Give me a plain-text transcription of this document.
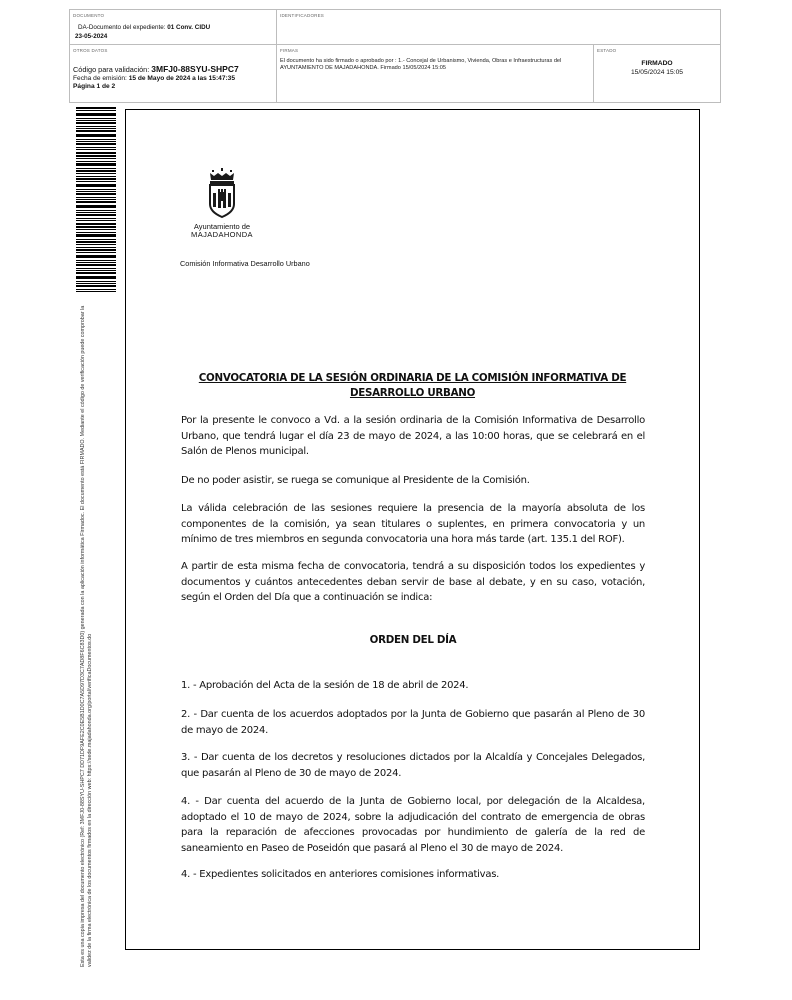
DOCUMENTO
DA-Documento del expediente: 01 Conv. CIDU
23-05-2024
IDENTIFICADORES
OTROS DATOS
Código para validación: 3MFJ0-88SYU-SHPC7
Fecha de emisión: 15 de Mayo de 2024 a las 15:47:35
Página 1 de 2
FIRMAS
El documento ha sido firmado o aprobado por : 1.- Concejal de Urbanismo, Vivienda, Obras e Infraestructuras del AYUNTAMIENTO DE MAJADAHONDA. Firmado 15/05/2024 15:05
ESTADO
FIRMADO
15/05/2024 15:05
Esta es una copia impresa del documento electrónico (Ref: 3MFJ0-88SYU-SHPC7 DD71DF9AFE2C0E5B1D0C7A5D97D3C7AD8F6C83D0) generada con la aplicación informática Firmadoc. El documento está FIRMADO. Mediante el código de verificación puede comprobar la validez de la firma electrónica de los documentos firmados en la dirección web: https://sede.majadahonda.org/portal/verificaDocumentos.do
Ayuntamiento de
MAJADAHONDA
Comisión Informativa Desarrollo Urbano
CONVOCATORIA DE LA SESIÓN ORDINARIA DE LA COMISIÓN INFORMATIVA DE DESARROLLO URBANO
Por la presente le convoco a Vd. a la sesión ordinaria de la Comisión Informativa de Desarrollo Urbano, que tendrá lugar el día 23 de mayo de 2024, a las 10:00 horas, que se celebrará en el Salón de Plenos municipal.
De no poder asistir, se ruega se comunique al Presidente de la Comisión.
La válida celebración de las sesiones requiere la presencia de la mayoría absoluta de los componentes de la comisión, ya sean titulares o suplentes, en primera convocatoria y un mínimo de tres miembros en segunda convocatoria una hora más tarde (art. 135.1 del ROF).
A partir de esta misma fecha de convocatoria, tendrá a su disposición todos los expedientes y documentos y cuántos antecedentes deban servir de base al debate, y en su caso, votación, según el Orden del Día que a continuación se indica:
ORDEN DEL DÍA
1. - Aprobación del Acta de la sesión de 18 de abril de 2024.
2. - Dar cuenta de los acuerdos adoptados por la Junta de Gobierno que pasarán al Pleno de 30 de mayo de 2024.
3. - Dar cuenta de los decretos y resoluciones dictados por la Alcaldía y Concejales Delegados, que pasarán al Pleno de 30 de mayo de 2024.
4. - Dar cuenta del acuerdo de la Junta de Gobierno local, por delegación de la Alcaldesa, adoptado el 10 de mayo de 2024, sobre la adjudicación del contrato de emergencia de obras para la reparación de afecciones provocadas por hundimiento de galería de la red de saneamiento en Paseo de Poseidón que pasará al Pleno el 30 de mayo de 2024.
4. - Expedientes solicitados en anteriores comisiones informativas.
